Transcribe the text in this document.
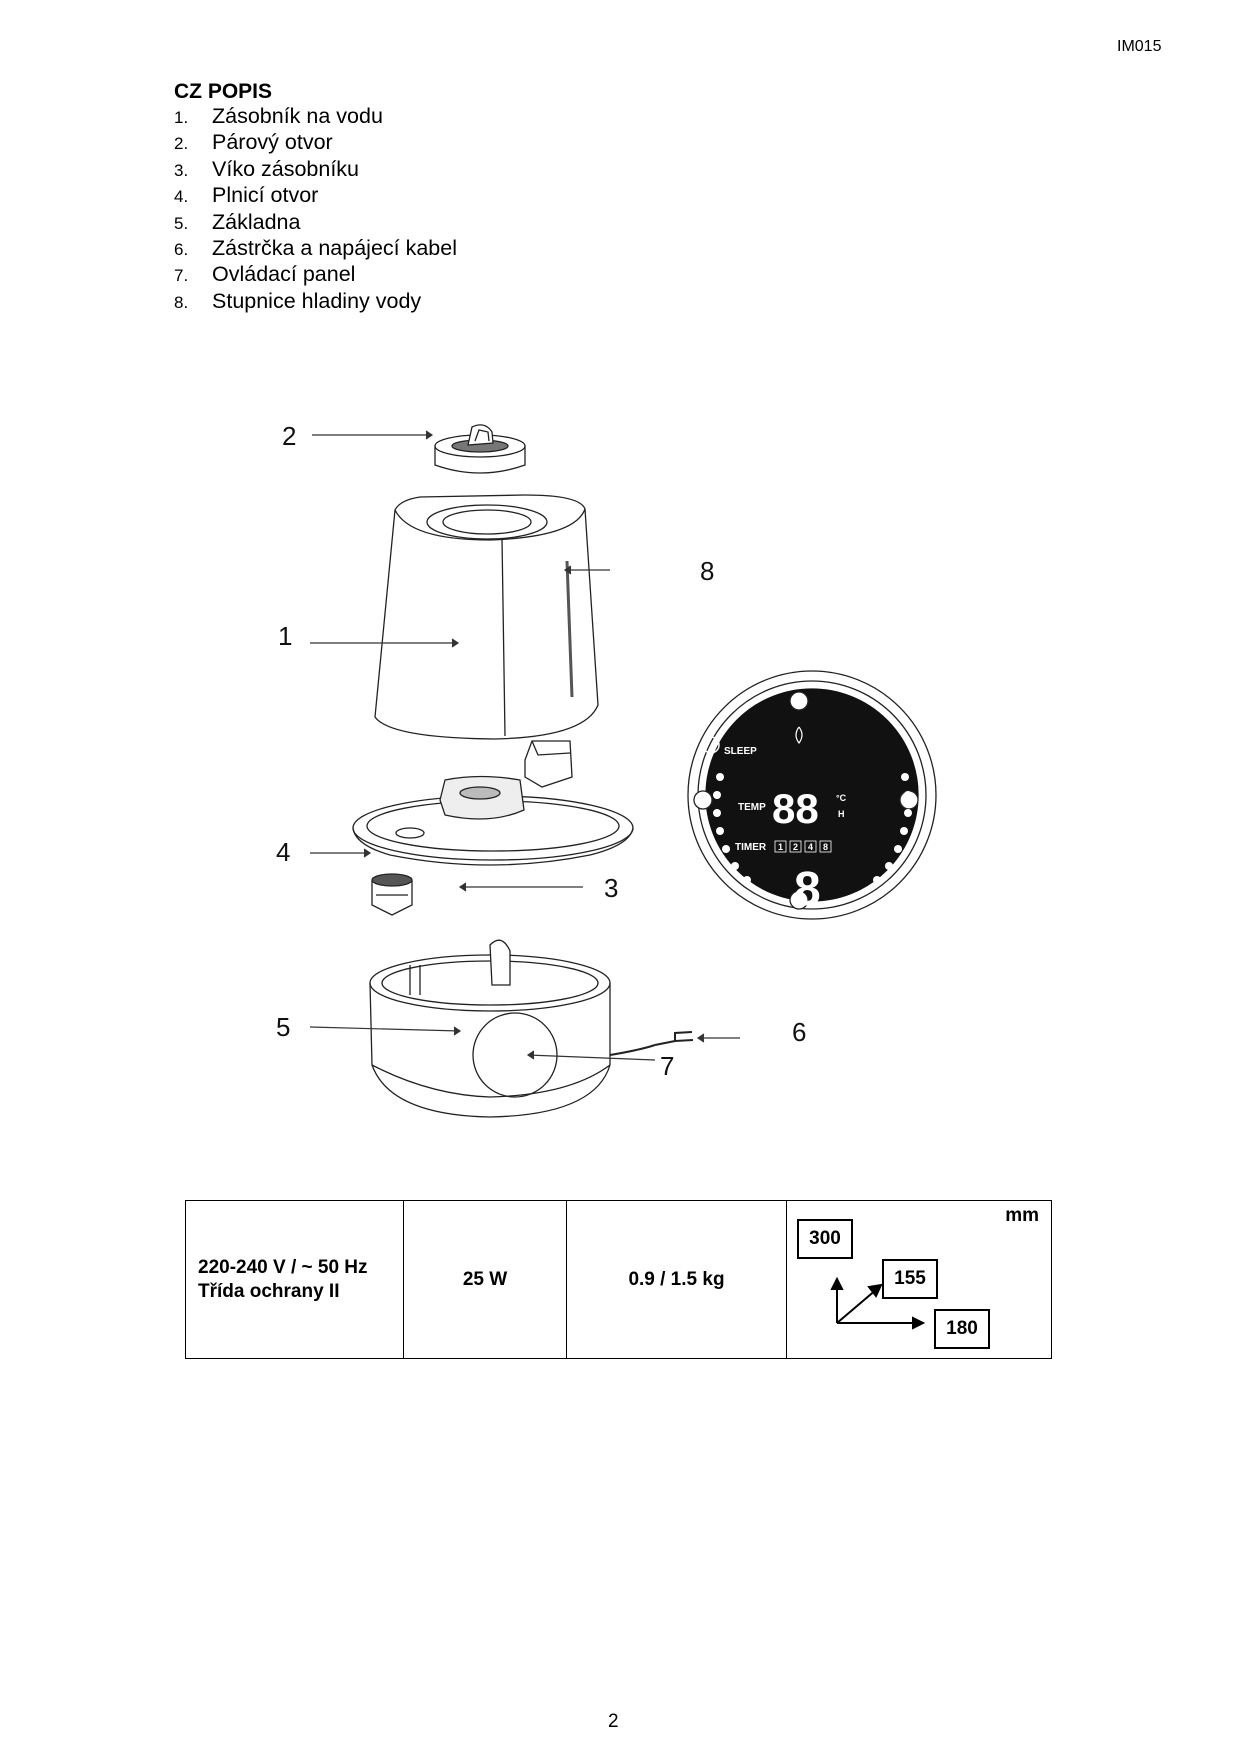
IM015
CZ POPIS
1.	Zásobník na vodu
2.	Párový otvor
3.	Víko zásobníku
4.	Plnicí otvor
5.	Základna
6.	Zástrčka a napájecí kabel
7.	Ovládací panel
8.	Stupnice hladiny vody
SLEEP
TEMP 88 °C
H
TIMER 1 2 4 8
8
1
2
3
4
5	6
7
8
220-240 V / ~ 50 Hz
Třída ochrany II
	25 W	0.9 / 1.5 kg	
mm
300
155
180
2
